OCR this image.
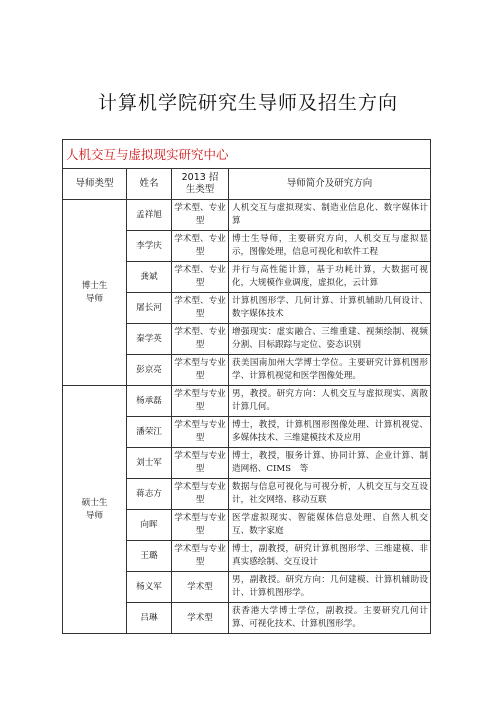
计算机学院研究生导师及招生方向
人机交互与虚拟现实研究中心			
导师类型	姓名	2013 招生类型	导师简介及研究方向

博士生导师	孟祥旭	学术型、专业型	人机交互与虚拟现实、制造业信息化、数字媒体计算
	李学庆	学术型、专业型	博士生导师，主要研究方向，人机交互与虚拟显示，图像处理，信息可视化和软件工程
	龚斌	学术型、专业型	并行与高性能计算，基于功耗计算，大数据可视化，大规模作业调度，虚拟化，云计算
	屠长河	学术型、专业型	计算机图形学、几何计算、计算机辅助几何设计、数字媒体技术
	秦学英	学术型、专业型	增强现实：虚实融合、三维重建、视频绘制、视频分割、目标跟踪与定位、姿态识别
	彭京亮	学术型与专业型	获美国南加州大学博士学位。主要研究计算机图形学、计算机视觉和医学图像处理。

硕士生导师	杨承磊	学术型与专业型	男，教授。研究方向：人机交互与虚拟现实、离散计算几何。
	潘荣江	学术型与专业型	博士，教授，计算机图形图像处理、计算机视觉、多媒体技术、三维建模技术及应用
	刘士军	学术型与专业型	博士，教授，服务计算、协同计算、企业计算、制造网格、CIMS　等
	蒋志方	学术型与专业型	数据与信息可视化与可视分析，人机交互与交互设计，社交网络、移动互联
	向晖	学术型与专业型	医学虚拟现实、智能媒体信息处理、自然人机交互、数字家庭
	王璐	学术型与专业型	博士，副教授，研究计算机图形学、三维建模、非真实感绘制、交互设计
	杨义军	学术型	男，副教授。研究方向：几何建模、计算机辅助设计、计算机图形学。
	吕琳	学术型	获香港大学博士学位，副教授。主要研究几何计算、可视化技术、计算机图形学。
